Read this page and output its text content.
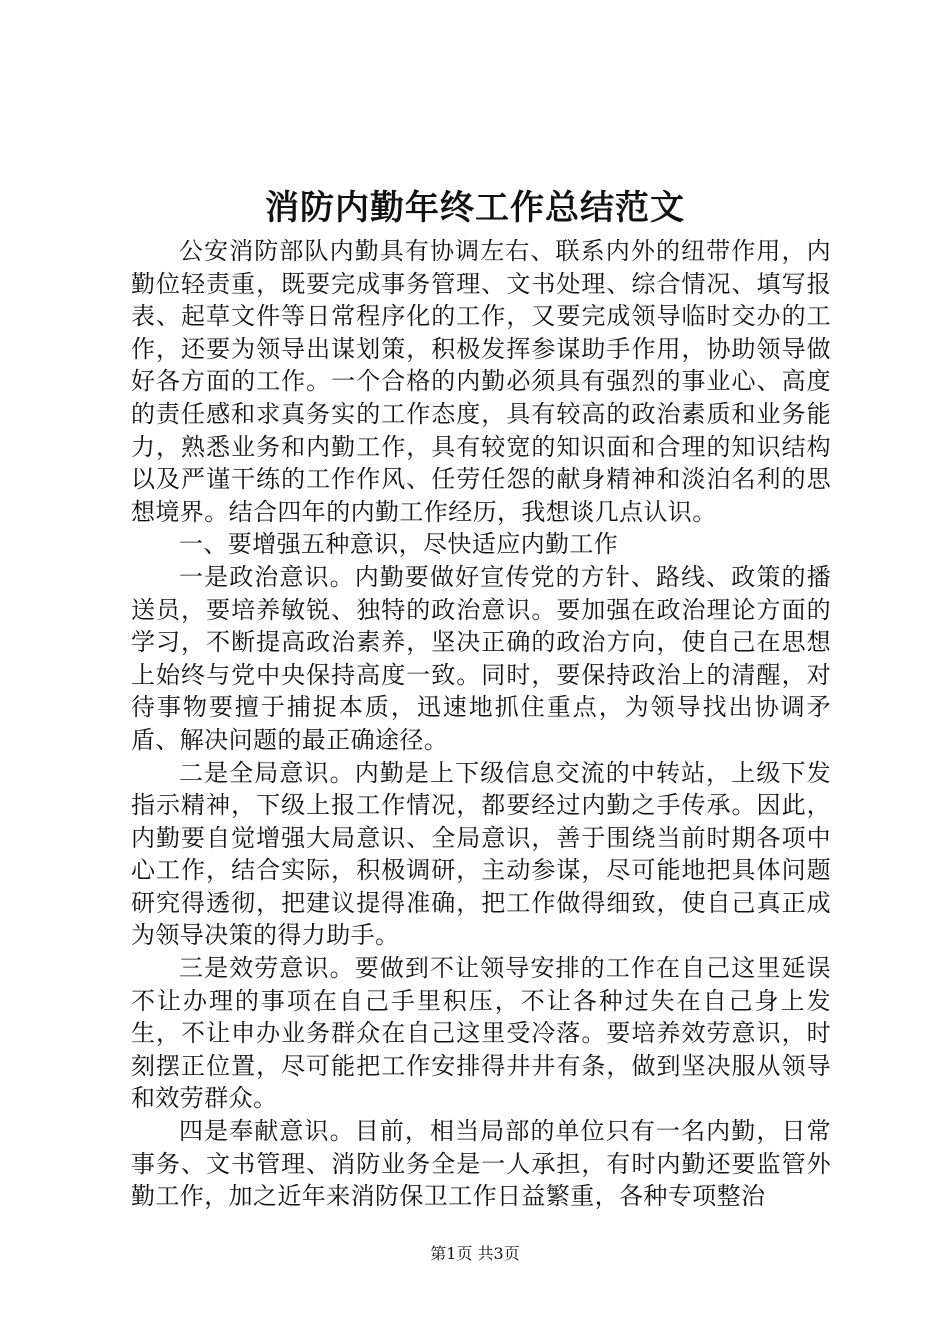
消防内勤年终工作总结范文

公安消防部队内勤具有协调左右、联系内外的纽带作用，内勤位轻责重，既要完成事务管理、文书处理、综合情况、填写报表、起草文件等日常程序化的工作，又要完成领导临时交办的工作，还要为领导出谋划策，积极发挥参谋助手作用，协助领导做好各方面的工作。一个合格的内勤必须具有强烈的事业心、高度的责任感和求真务实的工作态度，具有较高的政治素质和业务能力，熟悉业务和内勤工作，具有较宽的知识面和合理的知识结构以及严谨干练的工作作风、任劳任怨的献身精神和淡泊名利的思想境界。结合四年的内勤工作经历，我想谈几点认识。

一、要增强五种意识，尽快适应内勤工作

一是政治意识。内勤要做好宣传党的方针、路线、政策的播送员，要培养敏锐、独特的政治意识。要加强在政治理论方面的学习，不断提高政治素养，坚决正确的政治方向，使自己在思想上始终与党中央保持高度一致。同时，要保持政治上的清醒，对待事物要擅于捕捉本质，迅速地抓住重点，为领导找出协调矛盾、解决问题的最正确途径。

二是全局意识。内勤是上下级信息交流的中转站，上级下发指示精神，下级上报工作情况，都要经过内勤之手传承。因此，内勤要自觉增强大局意识、全局意识，善于围绕当前时期各项中心工作，结合实际，积极调研，主动参谋，尽可能地把具体问题研究得透彻，把建议提得准确，把工作做得细致，使自己真正成为领导决策的得力助手。

三是效劳意识。要做到不让领导安排的工作在自己这里延误不让办理的事项在自己手里积压，不让各种过失在自己身上发生，不让申办业务群众在自己这里受冷落。要培养效劳意识，时刻摆正位置，尽可能把工作安排得井井有条，做到坚决服从领导和效劳群众。

四是奉献意识。目前，相当局部的单位只有一名内勤，日常事务、文书管理、消防业务全是一人承担，有时内勤还要监管外勤工作，加之近年来消防保卫工作日益繁重，各种专项整治

第1页 共3页
